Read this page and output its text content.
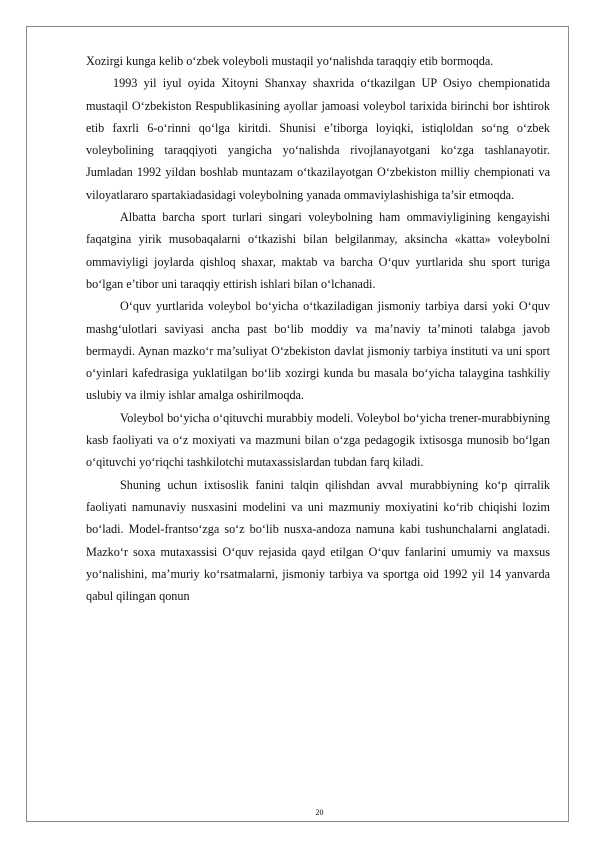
Xozirgi kunga kelib o‘zbek voleyboli mustaqil yo‘nalishda taraqqiy etib bormoqda.

1993 yil iyul oyida Xitoyni Shanxay shaxrida o‘tkazilgan UP Osiyo chempionatida mustaqil O‘zbekiston Respublikasining ayollar jamoasi voleybol tarixida birinchi bor ishtirok etib faxrli 6-o‘rinni qo‘lga kiritdi. Shunisi e’tiborga loyiqki, istiqloldan so‘ng o‘zbek voleybolining taraqqiyoti yangicha yo‘nalishda rivojlanayotgani ko‘zga tashlanayotir. Jumladan 1992 yildan boshlab muntazam o‘tkazilayotgan O‘zbekiston milliy chempionati va viloyatlararo spartakiadasidagi voleybolning yanada ommaviylashishiga ta’sir etmoqda.

Albatta barcha sport turlari singari voleybolning ham ommaviyligining kengayishi faqatgina yirik musobaqalarni o‘tkazishi bilan belgilanmay, aksincha «katta» voleybolni ommaviyligi joylarda qishloq shaxar, maktab va barcha O‘quv yurtlarida shu sport turiga bo‘lgan e’tibor uni taraqqiy ettirish ishlari bilan o‘lchanadi.

O‘quv yurtlarida voleybol bo‘yicha o‘tkaziladigan jismoniy tarbiya darsi yoki O‘quv mashg‘ulotlari saviyasi ancha past bo‘lib moddiy va ma’naviy ta’minoti talabga javob bermaydi. Aynan mazko‘r ma’suliyat O‘zbekiston davlat jismoniy tarbiya instituti va uni sport o‘yinlari kafedrasiga yuklatilgan bo‘lib xozirgi kunda bu masala bo‘yicha talaygina tashkiliy uslubiy va ilmiy ishlar amalga oshirilmoqda.

Voleybol bo‘yicha o‘qituvchi murabbiy modeli. Voleybol bo‘yicha trener-murabbiyning kasb faoliyati va o‘z moxiyati va mazmuni bilan o‘zga pedagogik ixtisosga munosib bo‘lgan o‘qituvchi yo‘riqchi tashkilotchi mutaxassislardan tubdan farq kiladi.

Shuning uchun ixtisoslik fanini talqin qilishdan avval murabbiyning ko‘p qirralik faoliyati namunaviy nusxasini modelini va uni mazmuniy moxiyatini ko‘rib chiqishi lozim bo‘ladi. Model-frantso‘zga so‘z bo‘lib nusxa-andoza namuna kabi tushunchalarni anglatadi. Mazko‘r soxa mutaxassisi O‘quv rejasida qayd etilgan O‘quv fanlarini umumiy va maxsus yo‘nalishini, ma’muriy ko‘rsatmalarni, jismoniy tarbiya va sportga oid 1992 yil 14 yanvarda qabul qilingan qonun

20
